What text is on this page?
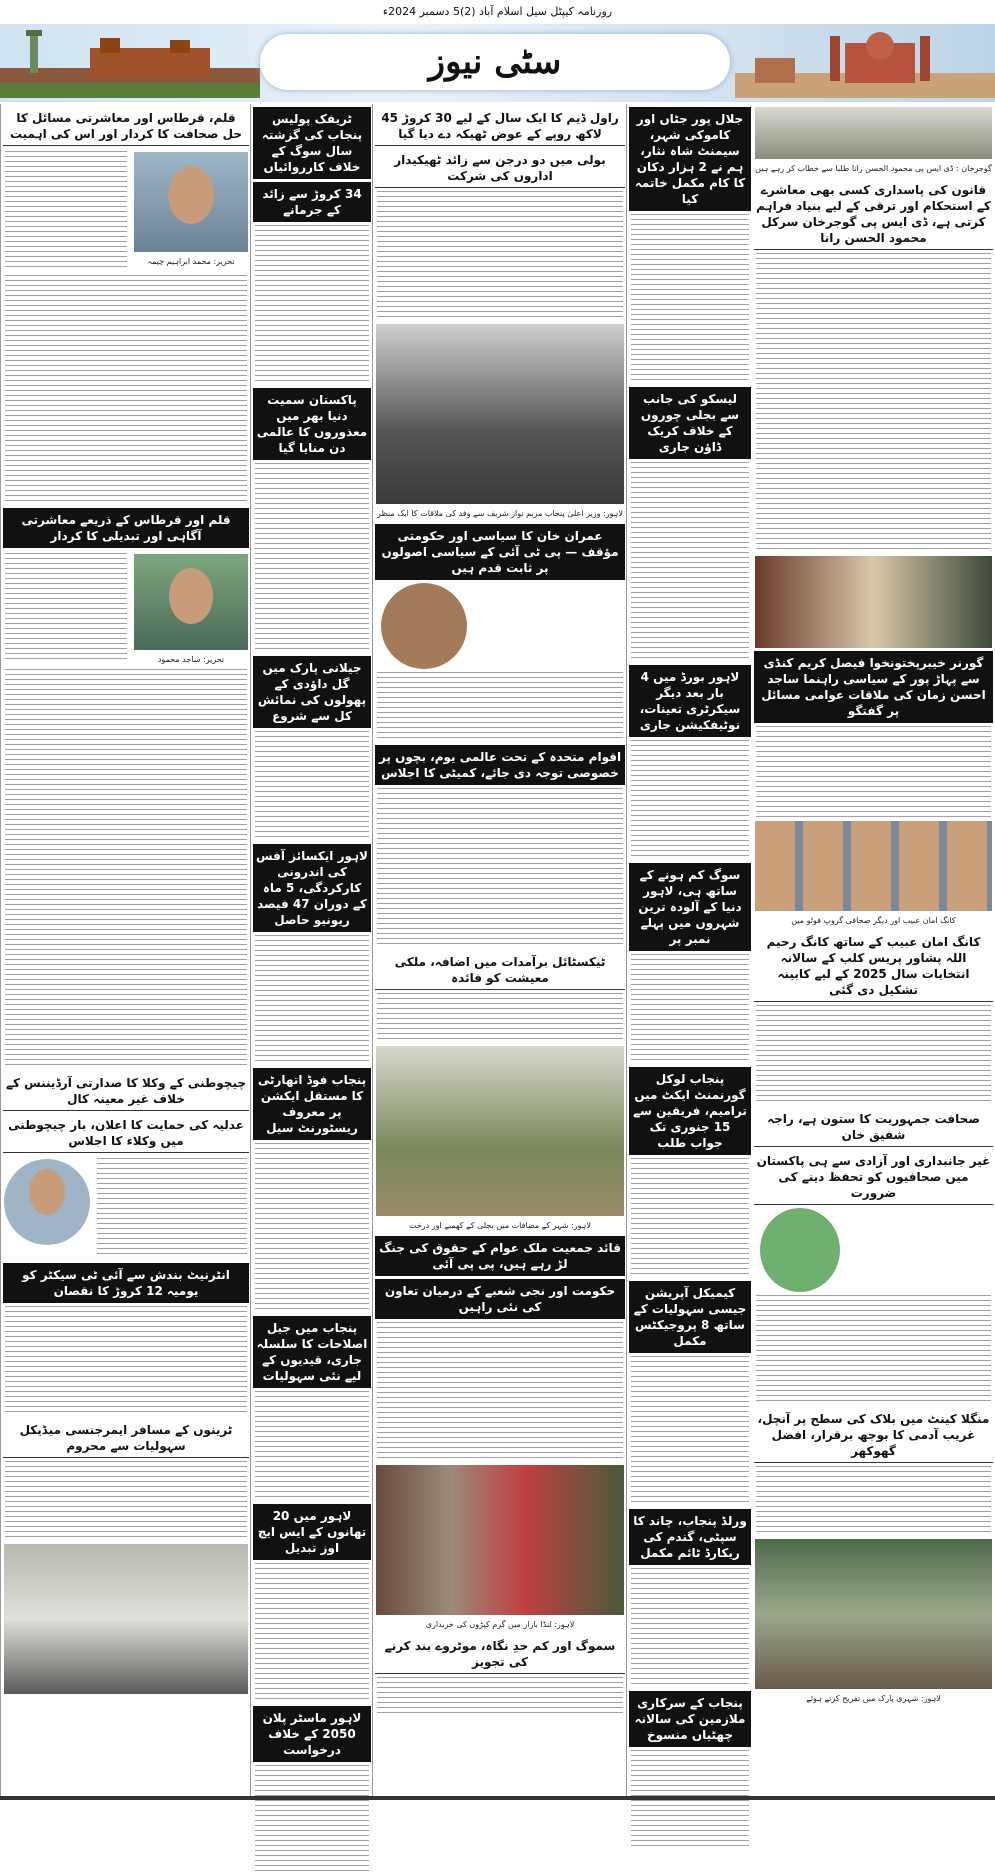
روزنامہ کیپٹل سیل اسلام آباد (2)5 دسمبر 2024ء
سٹی نیوز
گوجرخان : ڈی ایس پی محمود الحسن رانا طلبا سے خطاب کر رہے ہیں
قانون کی پاسداری کسی بھی معاشرے کے استحکام اور ترقی کے لیے بنیاد فراہم کرتی ہے، ڈی ایس پی گوجرخان سرکل محمود الحسن رانا
گورنر خیبرپختونخوا فیصل کریم کنڈی سے پہاڑ پور کے سیاسی راہنما ساجد احسن زمان کی ملاقات عوامی مسائل پر گفتگو
کانگ امان عبیب اور دیگر صحافی گروپ فوٹو میں
کانگ امان عبیب کے ساتھ کانگ رحیم اللہ پشاور پریس کلب کے سالانہ انتخابات سال 2025 کے لیے کابینہ تشکیل دی گئی
صحافت جمہوریت کا ستون ہے، راجہ شفیق خان
غیر جانبداری اور آزادی سے ہی پاکستان میں صحافیوں کو تحفظ دینے کی ضرورت
منگلا کینٹ میں بلاک کی سطح پر آنچل، غریب آدمی کا بوجھ برقرار، افضل گھوکھر
لاہور: شہری پارک میں تفریح کرتے ہوئے
جلال پور جٹاں اور کاموکی شہر، سیمنٹ شاہ نثار، ہم نے 2 ہزار دکان کا کام مکمل خاتمہ کیا
لیسکو کی جانب سے بجلی چوروں کے خلاف کریک ڈاؤن جاری
لاہور بورڈ میں 4 بار بعد دیگر سیکرٹری تعینات، نوٹیفکیشن جاری
سوگ کم ہونے کے ساتھ ہی، لاہور دنیا کے آلودہ ترین شہروں میں پہلے نمبر پر
پنجاب لوکل گورنمنٹ ایکٹ میں ترامیم، فریقین سے 15 جنوری تک جواب طلب
کیمیکل آپریشن جیسی سہولیات کے ساتھ 8 پروجیکٹس مکمل
ورلڈ پنجاب، چاند کا سپٹی، گندم کی ریکارڈ ٹائم مکمل
پنجاب کے سرکاری ملازمین کی سالانہ چھٹیاں منسوخ
راول ڈیم کا ایک سال کے لیے 30 کروڑ 45 لاکھ روپے کے عوض ٹھیکہ دے دیا گیا
بولی میں دو درجن سے زائد ٹھیکیدار اداروں کی شرکت
لاہور: وزیر اعلیٰ پنجاب مریم نواز شریف سے وفد کی ملاقات کا ایک منظر
عمران خان کا سیاسی اور حکومتی مؤقف — پی ٹی آئی کے سیاسی اصولوں پر ثابت قدم ہیں
اقوام متحدہ کے تحت عالمی یوم، بچوں پر خصوصی توجہ دی جائے، کمیٹی کا اجلاس
ٹیکسٹائل برآمدات میں اضافہ، ملکی معیشت کو فائدہ
لاہور: شہر کے مضافات میں بجلی کے کھمبے اور درخت
قائد جمعیت ملک عوام کے حقوق کی جنگ لڑ رہے ہیں، پی پی آئی
حکومت اور نجی شعبے کے درمیان تعاون کی نئی راہیں
لاہور: لنڈا بازار میں گرم کپڑوں کی خریداری
سموگ اور کم حدِ نگاہ، موٹروے بند کرنے کی تجویز
ٹریفک پولیس پنجاب کی گزشتہ سال سوگ کے خلاف کارروائیاں
34 کروڑ سے زائد کے جرمانے
پاکستان سمیت دنیا بھر میں معذوروں کا عالمی دن منایا گیا
جیلانی پارک میں گل داؤدی کے پھولوں کی نمائش کل سے شروع
لاہور ایکسائز آفس کی اندرونی کارکردگی، 5 ماہ کے دوران 47 فیصد ریونیو حاصل
پنجاب فوڈ اتھارٹی کا مستقل ایکشن پر معروف ریسٹورنٹ سیل
پنجاب میں جیل اصلاحات کا سلسلہ جاری، قیدیوں کے لیے نئی سہولیات
لاہور میں 20 تھانوں کے ایس ایچ اوز تبدیل
لاہور ماسٹر پلان 2050 کے خلاف درخواست
قلم، قرطاس اور معاشرتی مسائل کا حل صحافت کا کردار اور اس کی اہمیت
تحریر: محمد ابراہیم چیمہ
قلم اور قرطاس کے ذریعے معاشرتی آگاہی اور تبدیلی کا کردار
تحریر: ساجد محمود
چیچوطنی کے وکلا کا صدارتی آرڈیننس کے خلاف غیر معینہ کال
عدلیہ کی حمایت کا اعلان، بار چیچوطنی میں وکلاء کا اجلاس
انٹرنیٹ بندش سے آئی ٹی سیکٹر کو یومیہ 12 کروڑ کا نقصان
ٹرینوں کے مسافر ایمرجنسی میڈیکل سہولیات سے محروم
